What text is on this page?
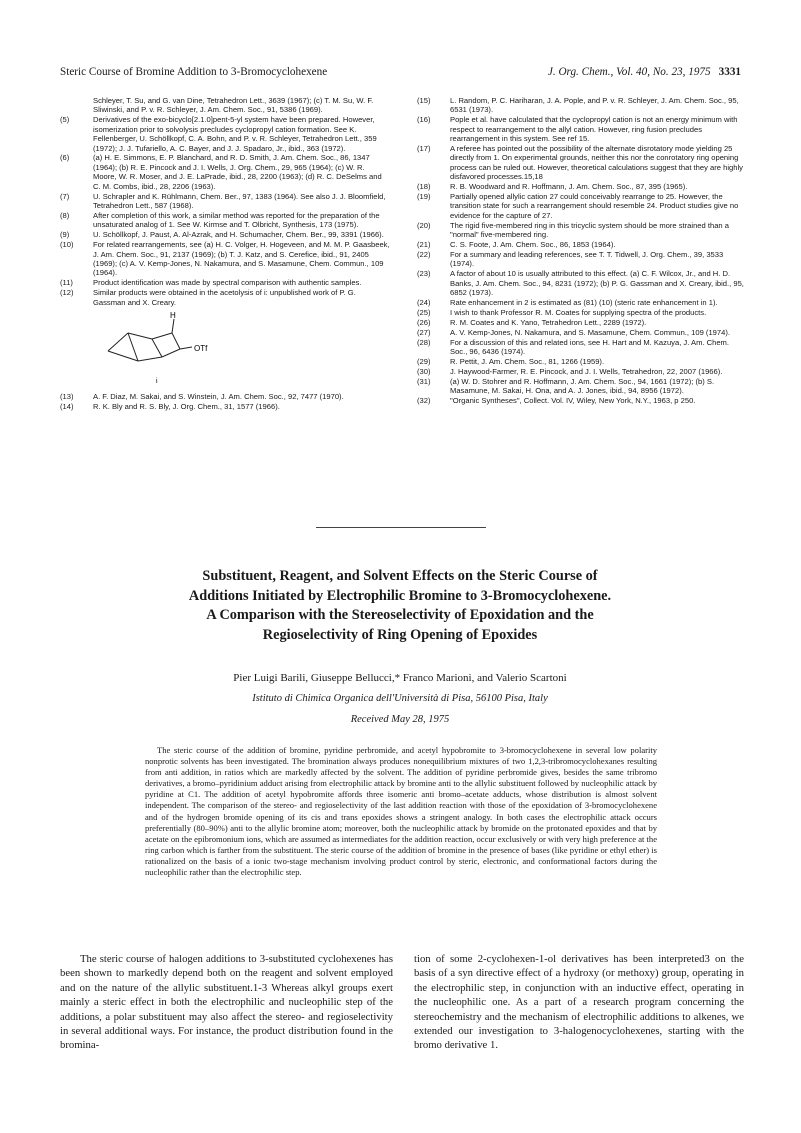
Steric Course of Bromine Addition to 3-Bromocyclohexene	J. Org. Chem., Vol. 40, No. 23, 1975 3331
Schleyer, T. Su, and G. van Dine, Tetrahedron Lett., 3639 (1967); (c) T. M. Su, W. F. Sliwinski, and P. v. R. Schleyer, J. Am. Chem. Soc., 91, 5386 (1969).
(5)	Derivatives of the exo-bicyclo[2.1.0]pent-5-yl system have been prepared. However, isomerization prior to solvolysis precludes cyclopropyl cation formation. See K. Fellenberger, U. Schöllkopf, C. A. Bohn, and P. v. R. Schleyer, Tetrahedron Lett., 359 (1972); J. J. Tufariello, A. C. Bayer, and J. J. Spadaro, Jr., ibid., 363 (1972).
(6)	(a) H. E. Simmons, E. P. Blanchard, and R. D. Smith, J. Am. Chem. Soc., 86, 1347 (1964); (b) R. E. Pincock and J. I. Wells, J. Org. Chem., 29, 965 (1964); (c) W. R. Moore, W. R. Moser, and J. E. LaPrade, ibid., 28, 2200 (1963); (d) R. C. DeSelms and C. M. Combs, ibid., 28, 2206 (1963).
(7)	U. Schrapler and K. Rühlmann, Chem. Ber., 97, 1383 (1964). See also J. J. Bloomfield, Tetrahedron Lett., 587 (1968).
(8)	After completion of this work, a similar method was reported for the preparation of the unsaturated analog of 1. See W. Kirmse and T. Olbricht, Synthesis, 173 (1975).
(9)	U. Schöllkopf, J. Paust, A. Al-Azrak, and H. Schumacher, Chem. Ber., 99, 3391 (1966).
(10)	For related rearrangements, see (a) H. C. Volger, H. Hogeveen, and M. M. P. Gaasbeek, J. Am. Chem. Soc., 91, 2137 (1969); (b) T. J. Katz, and S. Cerefice, ibid., 91, 2405 (1969); (c) A. V. Kemp-Jones, N. Nakamura, and S. Masamune, Chem. Commun., 109 (1964).
(11)	Product identification was made by spectral comparison with authentic samples.
(12)	Similar products were obtained in the acetolysis of i: unpublished work of P. G. Gassman and X. Creary.
H
OTf
i
(13)	A. F. Diaz, M. Sakai, and S. Winstein, J. Am. Chem. Soc., 92, 7477 (1970).
(14)	R. K. Bly and R. S. Bly, J. Org. Chem., 31, 1577 (1966).
(15)	L. Random, P. C. Hariharan, J. A. Pople, and P. v. R. Schleyer, J. Am. Chem. Soc., 95, 6531 (1973).
(16)	Pople et al. have calculated that the cyclopropyl cation is not an energy minimum with respect to rearrangement to the allyl cation. However, ring fusion precludes rearrangement in this system. See ref 15.
(17)	A referee has pointed out the possibility of the alternate disrotatory mode yielding 25 directly from 1. On experimental grounds, neither this nor the conrotatory ring opening process can be ruled out. However, theoretical calculations suggest that they are highly disfavored processes.15,18
(18)	R. B. Woodward and R. Hoffmann, J. Am. Chem. Soc., 87, 395 (1965).
(19)	Partially opened allylic cation 27 could conceivably rearrange to 25. However, the transition state for such a rearrangement should resemble 24. Product studies give no evidence for the capture of 27.
(20)	The rigid five-membered ring in this tricyclic system should be more strained than a "normal" five-membered ring.
(21)	C. S. Foote, J. Am. Chem. Soc., 86, 1853 (1964).
(22)	For a summary and leading references, see T. T. Tidwell, J. Org. Chem., 39, 3533 (1974).
(23)	A factor of about 10 is usually attributed to this effect. (a) C. F. Wilcox, Jr., and H. D. Banks, J. Am. Chem. Soc., 94, 8231 (1972); (b) P. G. Gassman and X. Creary, ibid., 95, 6852 (1973).
(24)	Rate enhancement in 2 is estimated as (81) (10) (steric rate enhancement in 1).
(25)	I wish to thank Professor R. M. Coates for supplying spectra of the products.
(26)	R. M. Coates and K. Yano, Tetrahedron Lett., 2289 (1972).
(27)	A. V. Kemp-Jones, N. Nakamura, and S. Masamune, Chem. Commun., 109 (1974).
(28)	For a discussion of this and related ions, see H. Hart and M. Kazuya, J. Am. Chem. Soc., 96, 6436 (1974).
(29)	R. Pettit, J. Am. Chem. Soc., 81, 1266 (1959).
(30)	J. Haywood-Farmer, R. E. Pincock, and J. I. Wells, Tetrahedron, 22, 2007 (1966).
(31)	(a) W. D. Stohrer and R. Hoffmann, J. Am. Chem. Soc., 94, 1661 (1972); (b) S. Masamune, M. Sakai, H. Ona, and A. J. Jones, ibid., 94, 8956 (1972).
(32)	"Organic Syntheses", Collect. Vol. IV, Wiley, New York, N.Y., 1963, p 250.
Substituent, Reagent, and Solvent Effects on the Steric Course of
Additions Initiated by Electrophilic Bromine to 3-Bromocyclohexene.
A Comparison with the Stereoselectivity of Epoxidation and the
Regioselectivity of Ring Opening of Epoxides
Pier Luigi Barili, Giuseppe Bellucci,* Franco Marioni, and Valerio Scartoni
Istituto di Chimica Organica dell'Università di Pisa, 56100 Pisa, Italy
Received May 28, 1975
The steric course of the addition of bromine, pyridine perbromide, and acetyl hypobromite to 3-bromocyclohexene in several low polarity nonprotic solvents has been investigated. The bromination always produces nonequilibrium mixtures of two 1,2,3-tribromocyclohexanes resulting from anti addition, in ratios which are markedly affected by the solvent. The addition of pyridine perbromide gives, besides the same tribromo derivatives, a bromo–pyridinium adduct arising from electrophilic attack by bromine anti to the allylic substituent followed by nucleophilic attack by pyridine at C1. The addition of acetyl hypobromite affords three isomeric anti bromo–acetate adducts, whose distribution is almost solvent independent. The comparison of the stereo- and regioselectivity of the last addition reaction with those of the epoxidation of 3-bromocyclohexene and of the hydrogen bromide opening of its cis and trans epoxides shows a stringent analogy. In both cases the electrophilic attack occurs preferentially (80–90%) anti to the allylic bromine atom; moreover, both the nucleophilic attack by bromide on the protonated epoxides and that by acetate on the epibromonium ions, which are assumed as intermediates for the addition reaction, occur exclusively or with very high preference at the ring carbon which is farther from the substituent. The steric course of the addition of bromine in the presence of bases (like pyridine or ethyl ether) is rationalized on the basis of a ionic two-stage mechanism involving product control by steric, electronic, and conformational factors during the nucleophilic rather than the electrophilic step.
The steric course of halogen additions to 3-substituted cyclohexenes has been shown to markedly depend both on the reagent and solvent employed and on the nature of the allylic substituent.1-3 Whereas alkyl groups exert mainly a steric effect in both the electrophilic and nucleophilic step of the additions, a polar substituent may also affect the stereo- and regioselectivity in several additional ways. For instance, the product distribution found in the bromina-
tion of some 2-cyclohexen-1-ol derivatives has been interpreted3 on the basis of a syn directive effect of a hydroxy (or methoxy) group, operating in the electrophilic step, in conjunction with an inductive effect, operating in the nucleophilic one. As a part of a research program concerning the stereochemistry and the mechanism of electrophilic additions to alkenes, we extended our investigation to 3-halogenocyclohexenes, starting with the bromo derivative 1.
